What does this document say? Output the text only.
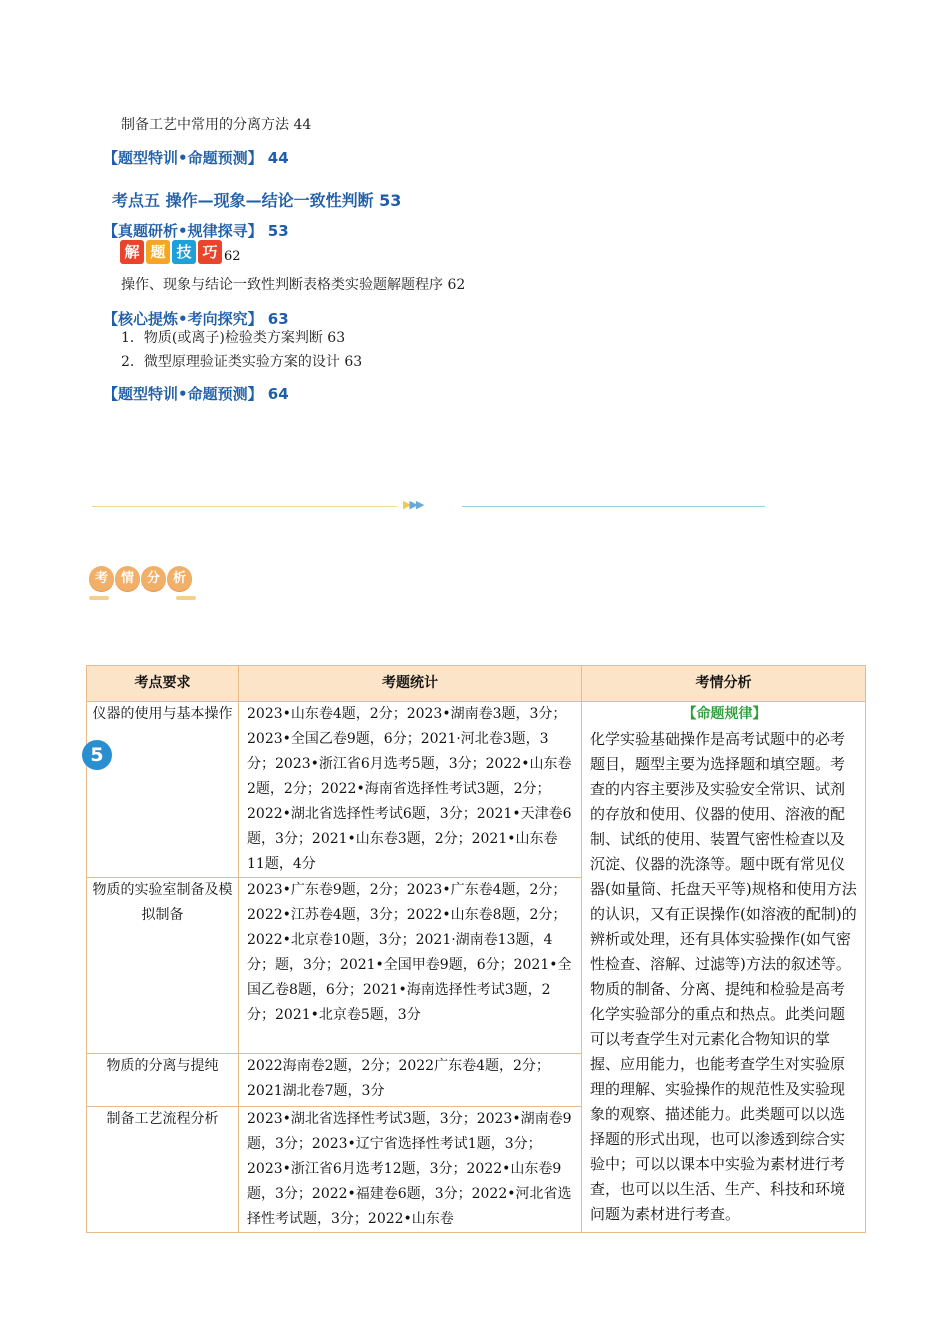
制备工艺中常用的分离方法 44
【题型特训•命题预测】 44
考点五 操作—现象—结论一致性判断 53
【真题研析•规律探寻】 53
解 题 技 巧 62
操作、现象与结论一致性判断表格类实验题解题程序 62
【核心提炼•考向探究】 63
1．物质(或离子)检验类方案判断 63
2．微型原理验证类实验方案的设计 63
【题型特训•命题预测】 64
▶▶▶
考 情 分 析
考点要求	考题统计	考情分析
仪器的使用与基本操作	2023•山东卷4题，2分；2023•湖南卷3题，3分；2023•全国乙卷9题，6分；2021·河北卷3题，3分；2023•浙江省6月选考5题，3分；2022•山东卷2题，2分；2022•海南省选择性考试3题，2分；2022•湖北省选择性考试6题，3分；2021•天津卷6题，3分；2021•山东卷3题，2分；2021•山东卷11题，4分	【命题规律】
化学实验基础操作是高考试题中的必考题目，题型主要为选择题和填空题。考查的内容主要涉及实验安全常识、试剂的存放和使用、仪器的使用、溶液的配制、试纸的使用、装置气密性检查以及沉淀、仪器的洗涤等。题中既有常见仪器(如量筒、托盘天平等)规格和使用方法的认识，又有正误操作(如溶液的配制)的辨析或处理，还有具体实验操作(如气密性检查、溶解、过滤等)方法的叙述等。物质的制备、分离、提纯和检验是高考化学实验部分的重点和热点。此类问题可以考查学生对元素化合物知识的掌握、应用能力，也能考查学生对实验原理的理解、实验操作的规范性及实验现象的观察、描述能力。此类题可以以选择题的形式出现，也可以渗透到综合实验中；可以以课本中实验为素材进行考查，也可以以生活、生产、科技和环境问题为素材进行考查。

物质的实验室制备及模拟制备	2023•广东卷9题，2分；2023•广东卷4题，2分；2022•江苏卷4题，3分；2022•山东卷8题，2分；2022•北京卷10题，3分；2021·湖南卷13题，4分；题，3分；2021•全国甲卷9题，6分；2021•全国乙卷8题，6分；2021•海南选择性考试3题，2分；2021•北京卷5题，3分	
物质的分离与提纯	2022海南卷2题，2分；2022广东卷4题，2分；2021湖北卷7题，3分	
制备工艺流程分析	2023•湖北省选择性考试3题，3分；2023•湖南卷9题，3分；2023•辽宁省选择性考试1题，3分；2023•浙江省6月选考12题，3分；2022•山东卷9题，3分；2022•福建卷6题，3分；2022•河北省选择性考试题，3分；2022•山东卷	
5
